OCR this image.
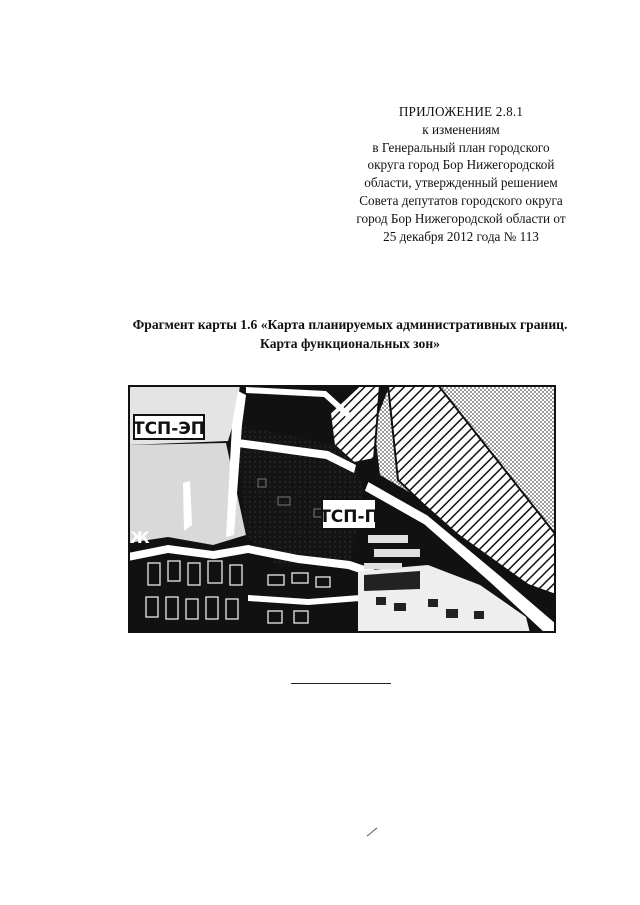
ПРИЛОЖЕНИЕ 2.8.1
к изменениям
в Генеральный план городского
округа город Бор Нижегородской
области, утвержденный решением
Совета депутатов городского округа
город Бор Нижегородской области от
25 декабря 2012 года № 113
Фрагмент карты 1.6 «Карта планируемых административных границ.
Карта функциональных зон»
ТСП-ЭП
ТСП-П
Ж
